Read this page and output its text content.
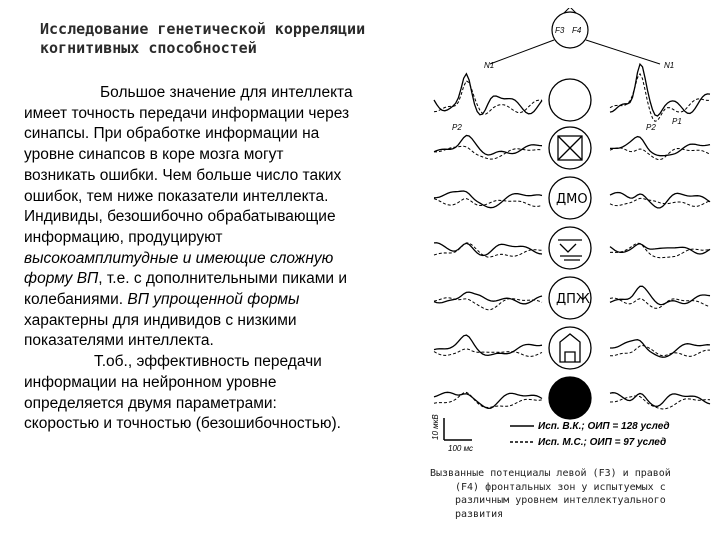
Исследование генетической корреляции
когнитивных способностей
Большое значение для интеллекта
имеет точность передачи информации через
синапсы. При обработке информации на
уровне синапсов в коре мозга могут
возникать ошибки. Чем больше число таких
ошибок, тем ниже показатели интеллекта.
Индивиды, безошибочно обрабатывающие
информацию, продуцируют
высокоамплитудные и имеющие сложную
форму ВП, т.е. с дополнительными пиками и
колебаниями. ВП упрощенной формы
характерны для индивидов с низкими
показателями интеллекта.
Т.об., эффективность передачи
информации на нейронном уровне
определяется двумя параметрами:
скоростью и точностью (безошибочностью).
F3 F4
ДМО
ДПЖ
N1	N1
P2	P2
P1
10 мкВ
100 мс
Исп. В.К.; ОИП = 128 услед
Исп. М.С.; ОИП = 97 услед
Вызванные потенциалы левой (F3) и правой
(F4) фронтальных зон у испытуемых с
различным уровнем интеллектуального
развития
